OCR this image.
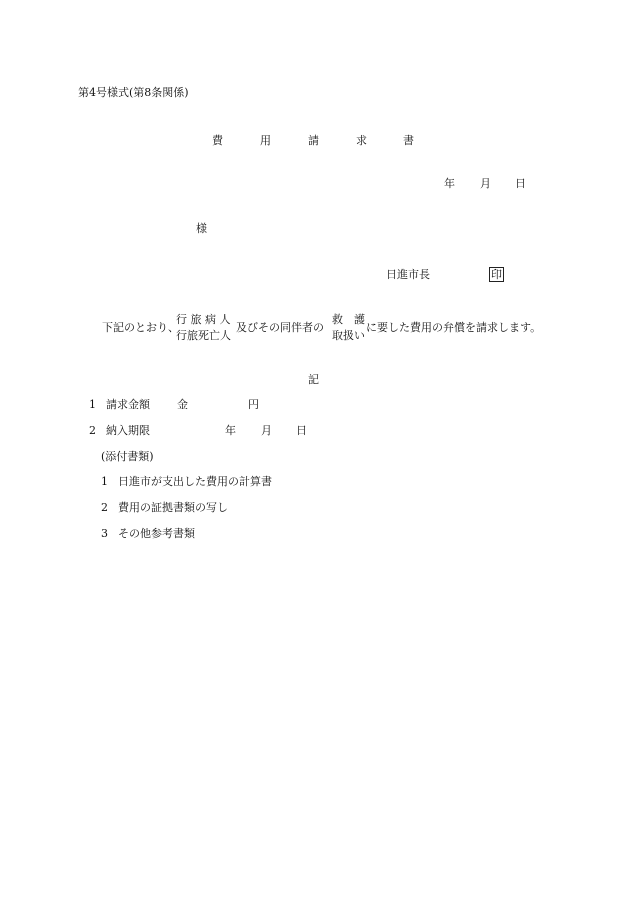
第4号様式(第8条関係)
費	用	請	求	書
年 月 日
様
日進市長	印
下記のとおり、
行 旅 病 人
行旅死亡人
及びその同伴者の
救　護
取扱い
に要した費用の弁償を請求します。
記
1 請求金額 金	円
2 納入期限	年 月 日
(添付書類)
1 日進市が支出した費用の計算書
2 費用の証拠書類の写し
3 その他参考書類
